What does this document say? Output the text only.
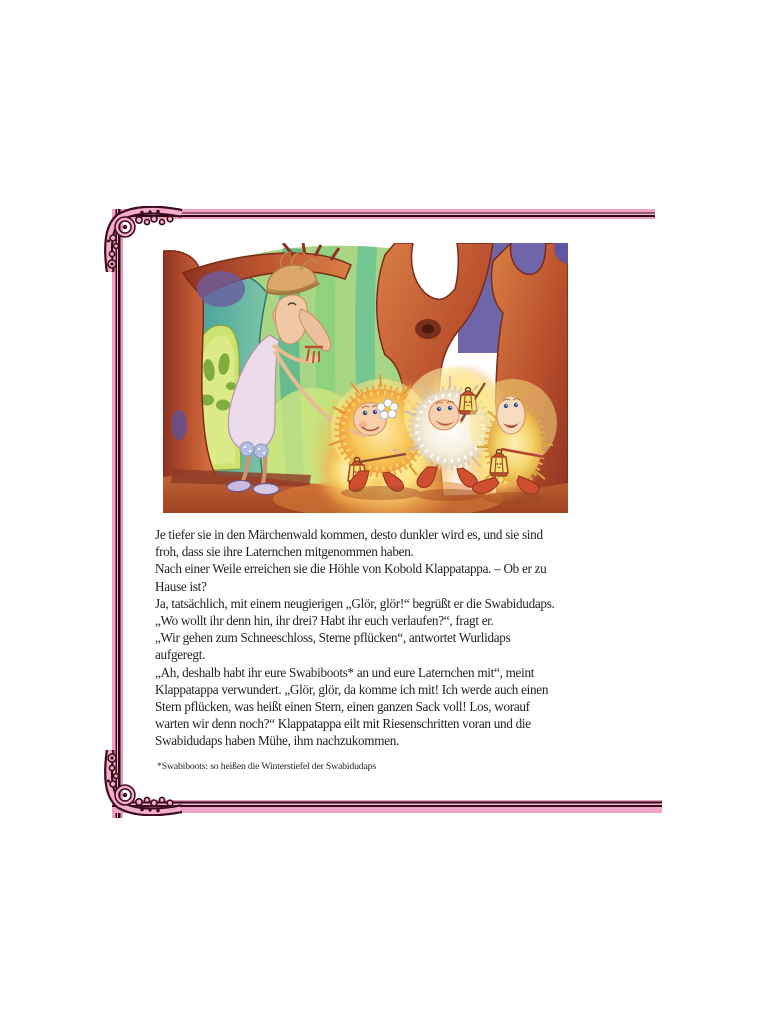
Je tiefer sie in den Märchenwald kommen, desto dunkler wird es, und sie sind

froh, dass sie ihre Laternchen mitgenommen haben.

Nach einer Weile erreichen sie die Höhle von Kobold Klappatappa. – Ob er zu

Hause ist?

Ja, tatsächlich, mit einem neugierigen „Glör, glör!“ begrüßt er die Swabidudaps.

„Wo wollt ihr denn hin, ihr drei? Habt ihr euch verlaufen?“, fragt er.

„Wir gehen zum Schneeschloss, Sterne pflücken“, antwortet Wurlidaps

aufgeregt.

„Ah, deshalb habt ihr eure Swabiboots* an und eure Laternchen mit“, meint

Klappatappa verwundert. „Glör, glör, da komme ich mit! Ich werde auch einen

Stern pflücken, was heißt einen Stern, einen ganzen Sack voll! Los, worauf

warten wir denn noch?“ Klappatappa eilt mit Riesenschritten voran und die

Swabidudaps haben Mühe, ihm nachzukommen.

*Swabiboots: so heißen die Winterstiefel der Swabidudaps
